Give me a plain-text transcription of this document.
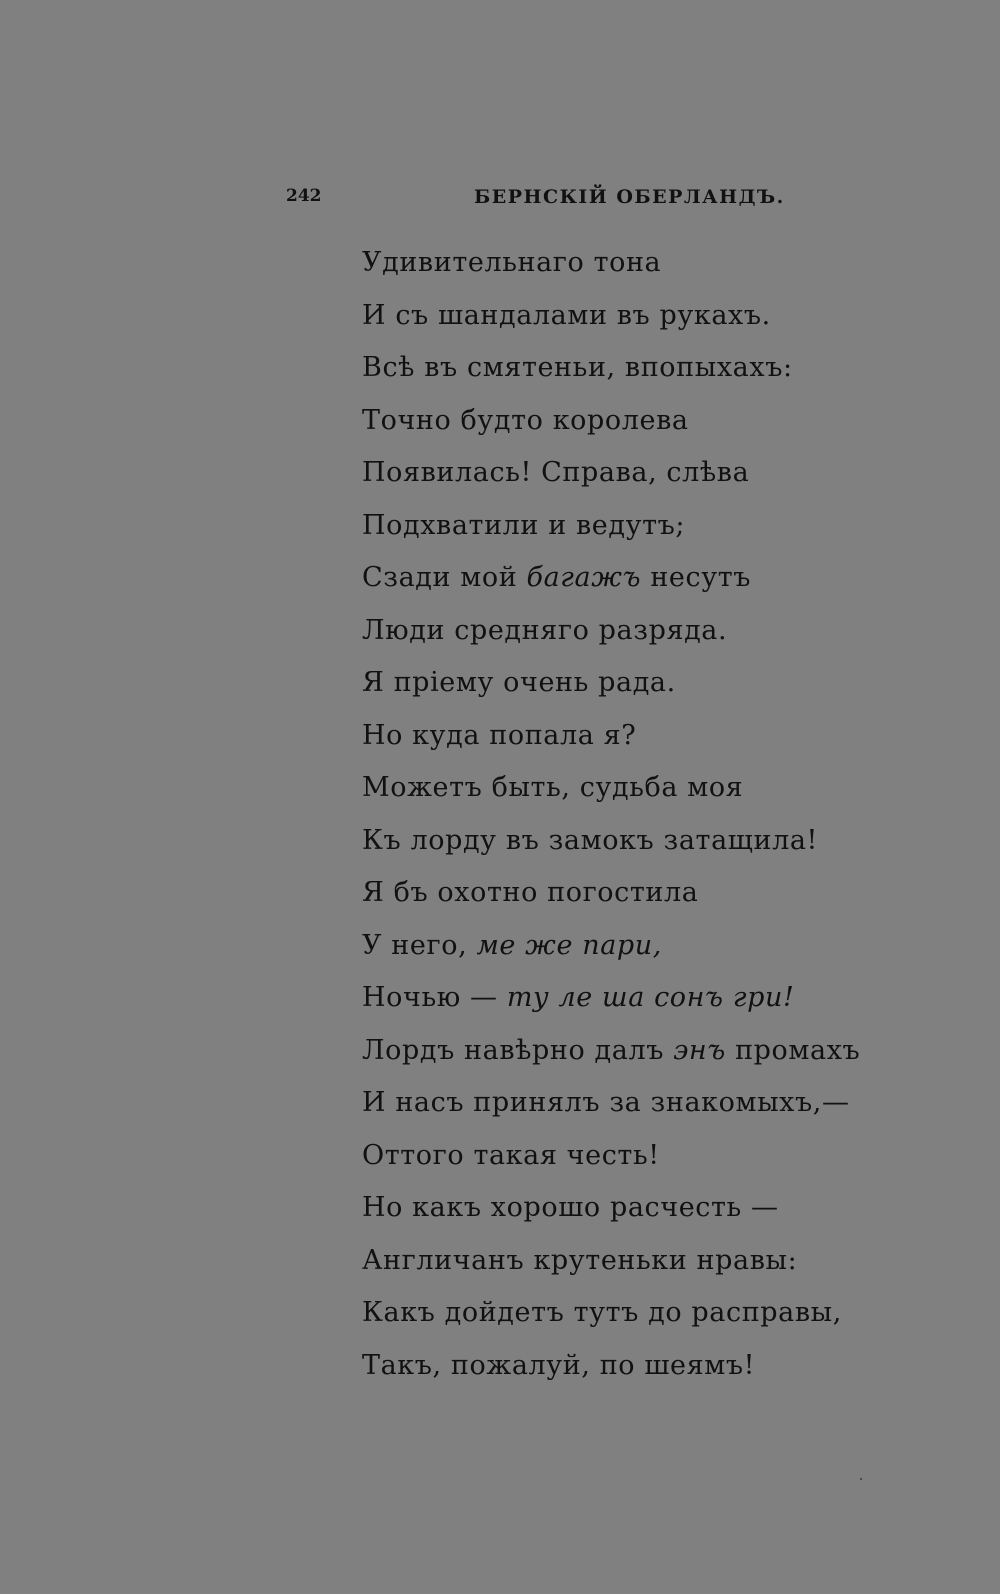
242	БЕРНСКІЙ ОБЕРЛАНДЪ.
Удивительнаго тона
И съ шандалами въ рукахъ.
Всѣ въ смятеньи, впопыхахъ:
Точно будто королева
Появилась! Справа, слѣва
Подхватили и ведутъ;
Сзади мой багажъ несутъ
Люди средняго разряда.
Я пріему очень рада.
Но куда попала я?
Можетъ быть, судьба моя
Къ лорду въ замокъ затащила!
Я бъ охотно погостила
У него, ме же пари,
Ночью — ту ле ша сонъ гри!
Лордъ навѣрно далъ энъ промахъ
И насъ принялъ за знакомыхъ,—
Оттого такая честь!
Но какъ хорошо расчесть —
Англичанъ крутеньки нравы:
Какъ дойдетъ тутъ до расправы,
Такъ, пожалуй, по шеямъ!
